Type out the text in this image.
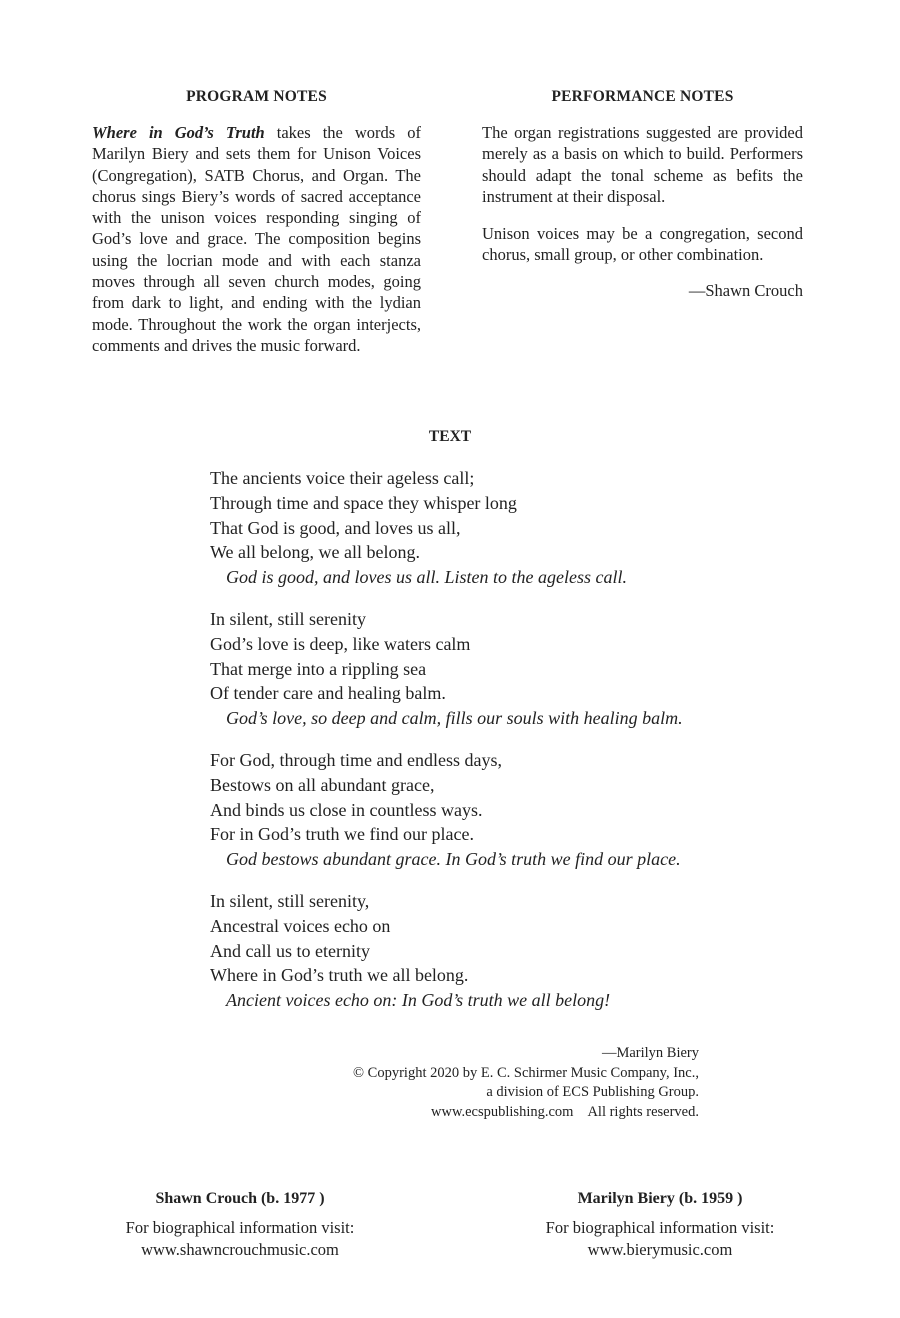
PROGRAM NOTES

Where in God’s Truth takes the words of Marilyn Biery and sets them for Unison Voices (Congregation), SATB Chorus, and Organ. The chorus sings Biery’s words of sacred acceptance with the unison voices responding singing of God’s love and grace. The composition begins using the locrian mode and with each stanza moves through all seven church modes, going from dark to light, and ending with the lydian mode. Throughout the work the organ interjects, comments and drives the music forward.

PERFORMANCE NOTES

The organ registrations suggested are provided merely as a basis on which to build. Performers should adapt the tonal scheme as befits the instrument at their disposal.

Unison voices may be a congregation, second chorus, small group, or other combination.

—Shawn Crouch
TEXT
The ancients voice their ageless call;
Through time and space they whisper long
That God is good, and loves us all,
We all belong, we all belong.
God is good, and loves us all. Listen to the ageless call.
In silent, still serenity
God’s love is deep, like waters calm
That merge into a rippling sea
Of tender care and healing balm.
God’s love, so deep and calm, fills our souls with healing balm.
For God, through time and endless days,
Bestows on all abundant grace,
And binds us close in countless ways.
For in God’s truth we find our place.
God bestows abundant grace. In God’s truth we find our place.
In silent, still serenity,
Ancestral voices echo on
And call us to eternity
Where in God’s truth we all belong.
Ancient voices echo on: In God’s truth we all belong!
—Marilyn Biery
© Copyright 2020 by E. C. Schirmer Music Company, Inc.,
a division of ECS Publishing Group.
www.ecspublishing.com All rights reserved.
Shawn Crouch (b. 1977 )
For biographical information visit:
www.shawncrouchmusic.com
Marilyn Biery (b. 1959 )
For biographical information visit:
www.bierymusic.com
